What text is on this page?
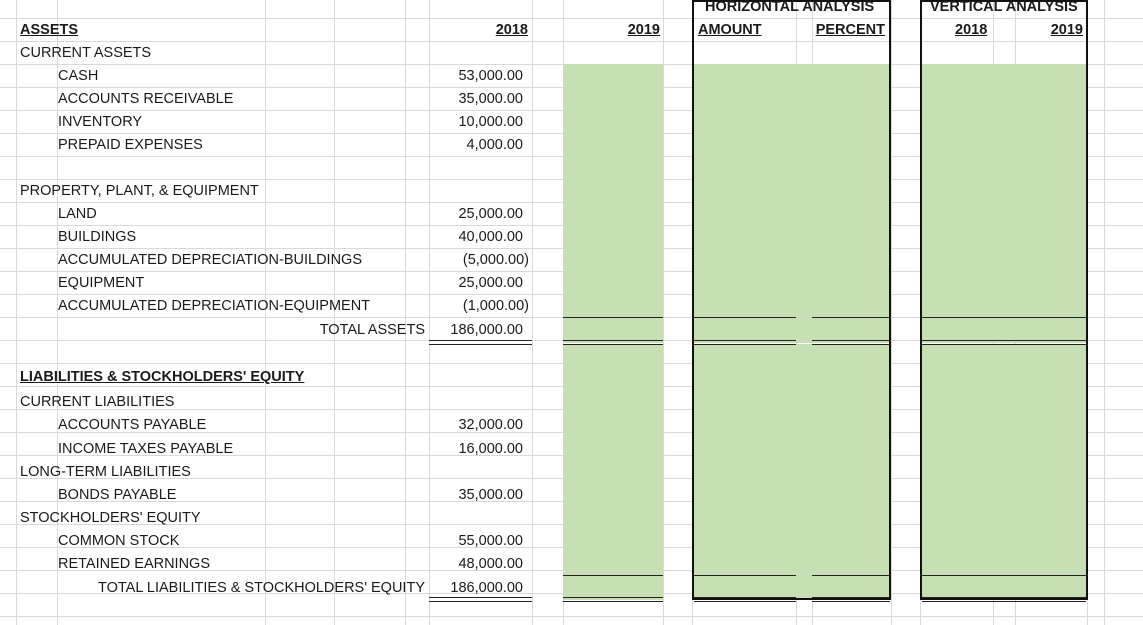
ASSETS	2018	2019
HORIZONTAL ANALYSIS
AMOUNT	PERCENT
VERTICAL ANALYSIS
2018	2019
CURRENT ASSETS
CASH	53,000.00
ACCOUNTS RECEIVABLE	35,000.00
INVENTORY	10,000.00
PREPAID EXPENSES	4,000.00
PROPERTY, PLANT, & EQUIPMENT
LAND	25,000.00
BUILDINGS	40,000.00
ACCUMULATED DEPRECIATION-BUILDINGS	(5,000.00)
EQUIPMENT	25,000.00
ACCUMULATED DEPRECIATION-EQUIPMENT	(1,000.00)
TOTAL ASSETS	186,000.00
LIABILITIES & STOCKHOLDERS' EQUITY
CURRENT LIABILITIES
ACCOUNTS PAYABLE	32,000.00
INCOME TAXES PAYABLE	16,000.00
LONG-TERM LIABILITIES
BONDS PAYABLE	35,000.00
STOCKHOLDERS' EQUITY
COMMON STOCK	55,000.00
RETAINED EARNINGS	48,000.00
TOTAL LIABILITIES & STOCKHOLDERS' EQUITY	186,000.00
